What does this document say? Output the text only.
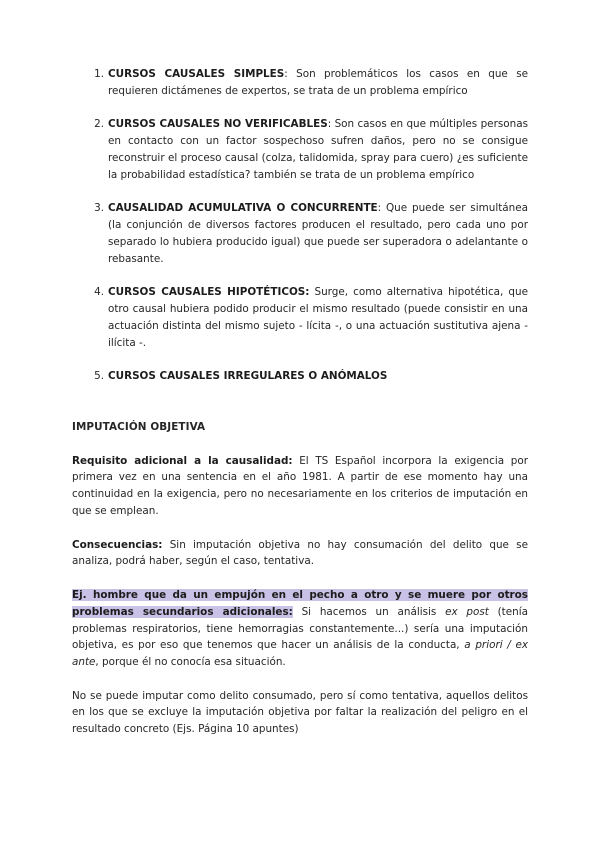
1. CURSOS CAUSALES SIMPLES: Son problemáticos los casos en que se requieren dictámenes de expertos, se trata de un problema empírico
2. CURSOS CAUSALES NO VERIFICABLES: Son casos en que múltiples personas en contacto con un factor sospechoso sufren daños, pero no se consigue reconstruir el proceso causal (colza, talidomida, spray para cuero) ¿es suficiente la probabilidad estadística? también se trata de un problema empírico
3. CAUSALIDAD ACUMULATIVA O CONCURRENTE: Que puede ser simultánea (la conjunción de diversos factores producen el resultado, pero cada uno por separado lo hubiera producido igual) que puede ser superadora o adelantante o rebasante.
4. CURSOS CAUSALES HIPOTÉTICOS: Surge, como alternativa hipotética, que otro causal hubiera podido producir el mismo resultado (puede consistir en una actuación distinta del mismo sujeto - lícita -, o una actuación sustitutiva ajena - ilícita -.
5. CURSOS CAUSALES IRREGULARES O ANÓMALOS
IMPUTACIÓN OBJETIVA

Requisito adicional a la causalidad: El TS Español incorpora la exigencia por primera vez en una sentencia en el año 1981. A partir de ese momento hay una continuidad en la exigencia, pero no necesariamente en los criterios de imputación en que se emplean.

Consecuencias: Sin imputación objetiva no hay consumación del delito que se analiza, podrá haber, según el caso, tentativa.

Ej. hombre que da un empujón en el pecho a otro y se muere por otros problemas secundarios adicionales: Si hacemos un análisis ex post (tenía problemas respiratorios, tiene hemorragias constantemente...) sería una imputación objetiva, es por eso que tenemos que hacer un análisis de la conducta, a priori / ex ante, porque él no conocía esa situación.

No se puede imputar como delito consumado, pero sí como tentativa, aquellos delitos en los que se excluye la imputación objetiva por faltar la realización del peligro en el resultado concreto (Ejs. Página 10 apuntes)
